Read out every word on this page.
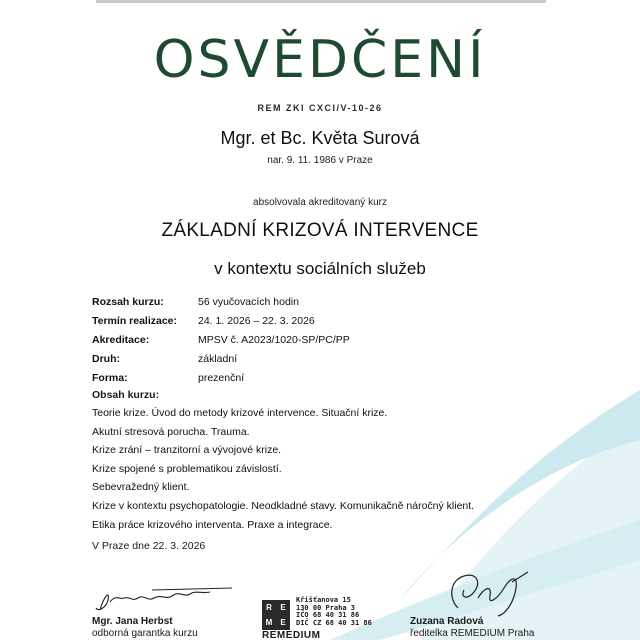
OSVĚDČENÍ
REM ZKI CXCI/V-10-26
Mgr. et Bc. Květa Surová
nar. 9. 11. 1986 v Praze
absolvovala akreditovaný kurz
ZÁKLADNÍ KRIZOVÁ INTERVENCE
v kontextu sociálních služeb
Rozsah kurzu:	56 vyučovacích hodin
Termín realizace: 24. 1. 2026 – 22. 3. 2026
Akreditace:	MPSV č. A2023/1020-SP/PC/PP
Druh:	základní
Forma:	prezenční
Obsah kurzu:
Teorie krize. Úvod do metody krizové intervence. Situační krize.
Akutní stresová porucha. Trauma.
Krize zrání – tranzitorní a vývojové krize.
Krize spojené s problematikou závislostí.
Sebevražedný klient.
Krize v kontextu psychopatologie. Neodkladné stavy. Komunikačně náročný klient.
Etika práce krizového interventa. Praxe a integrace.
V Praze dne 22. 3. 2026
Mgr. Jana Herbst
odborná garantka kurzu
R E
M E
Křišťanova 15
130 00 Praha 3
IČO 68 40 31 86
DIČ CZ 68 40 31 86
REMEDIUM
Zuzana Radová
ředitelka REMEDIUM Praha
